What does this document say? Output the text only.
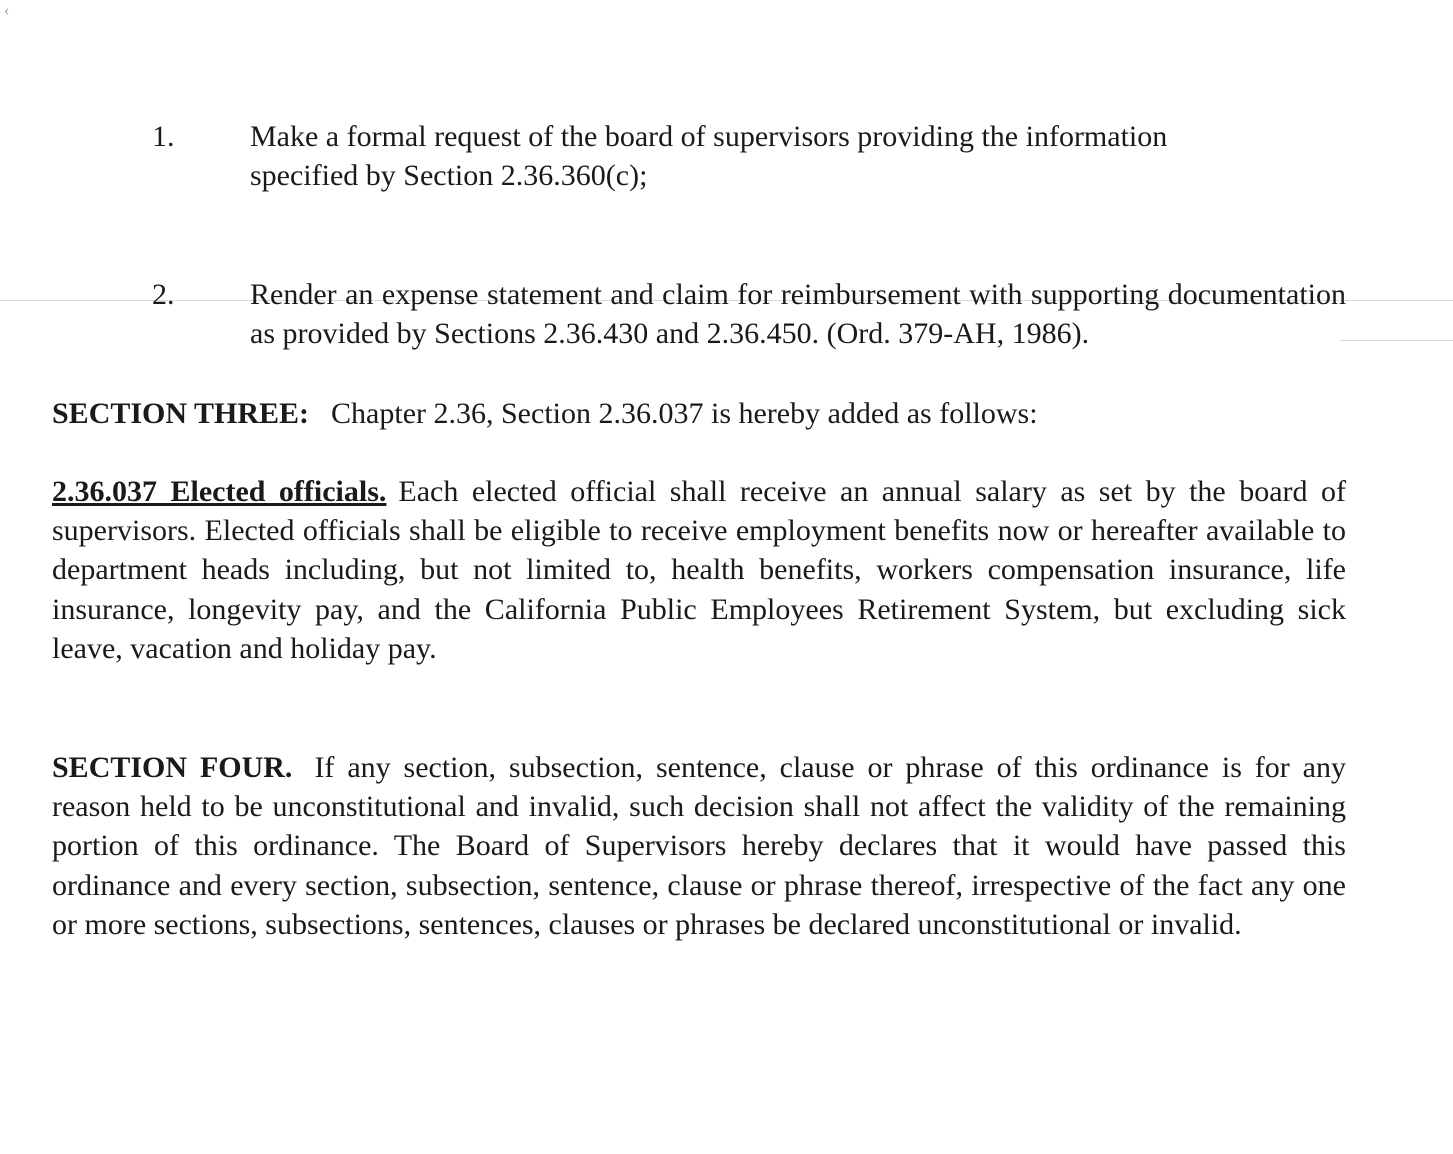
‹
1.	Make a formal request of the board of supervisors providing the information specified by Section 2.36.360(c);
2.	Render an expense statement and claim for reimbursement with supporting documentation as provided by Sections 2.36.430 and 2.36.450. (Ord. 379-AH, 1986).

SECTION THREE: Chapter 2.36, Section 2.36.037 is hereby added as follows:

2.36.037 Elected officials. Each elected official shall receive an annual salary as set by the board of supervisors. Elected officials shall be eligible to receive employment benefits now or hereafter available to department heads including, but not limited to, health benefits, workers compensation insurance, life insurance, longevity pay, and the California Public Employees Retirement System, but excluding sick leave, vacation and holiday pay.

SECTION FOUR. If any section, subsection, sentence, clause or phrase of this ordinance is for any reason held to be unconstitutional and invalid, such decision shall not affect the validity of the remaining portion of this ordinance. The Board of Supervisors hereby declares that it would have passed this ordinance and every section, subsection, sentence, clause or phrase thereof, irrespective of the fact any one or more sections, subsections, sentences, clauses or phrases be declared unconstitutional or invalid.
